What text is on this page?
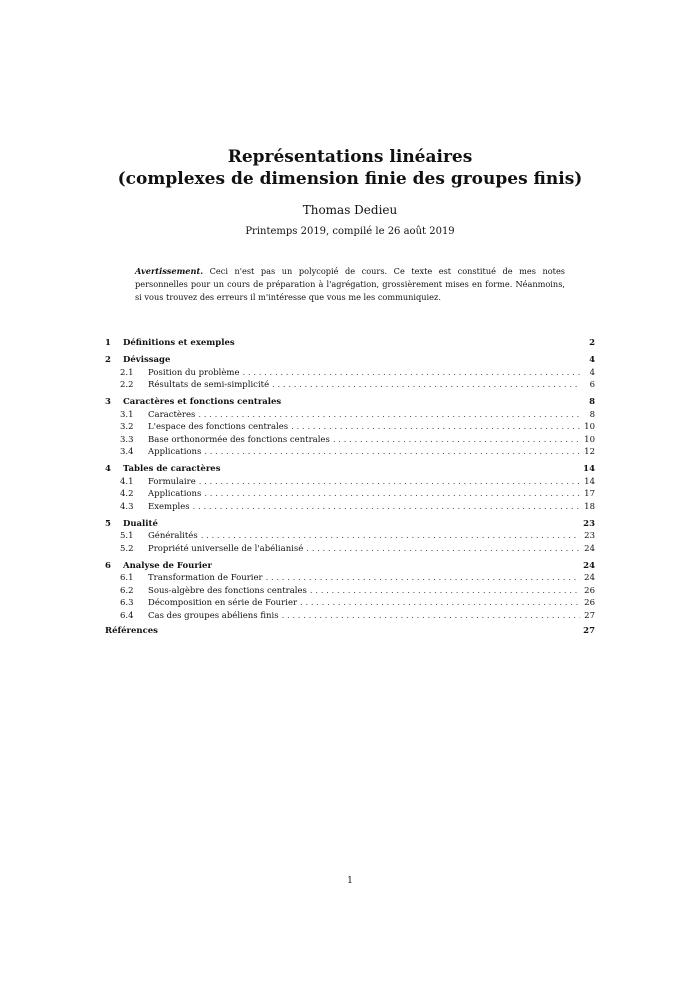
Représentations linéaires
(complexes de dimension finie des groupes finis)
Thomas Dedieu
Printemps 2019, compilé le 26 août 2019
Avertissement. Ceci n'est pas un polycopié de cours. Ce texte est constitué de mes notes personnelles pour un cours de préparation à l'agrégation, grossièrement mises en forme. Néanmoins, si vous trouvez des erreurs il m'intéresse que vous me les communiquiez.
1	Définitions et exemples	2
2	Dévissage	4
2.1	Position du problème . . .	4
2.2	Résultats de semi-simplicité . . .	6
3	Caractères et fonctions centrales	8
3.1	Caractères . . .	8
3.2	L'espace des fonctions centrales . . .	10
3.3	Base orthonormée des fonctions centrales . . .	10
3.4	Applications . . .	12
4	Tables de caractères	14
4.1	Formulaire . . .	14
4.2	Applications . . .	17
4.3	Exemples . . .	18
5	Dualité	23
5.1	Généralités . . .	23
5.2	Propriété universelle de l'abélianisé . . .	24
6	Analyse de Fourier	24
6.1	Transformation de Fourier . . .	24
6.2	Sous-algèbre des fonctions centrales . . .	26
6.3	Décomposition en série de Fourier . . .	26
6.4	Cas des groupes abéliens finis . . .	27
Références	27
1
